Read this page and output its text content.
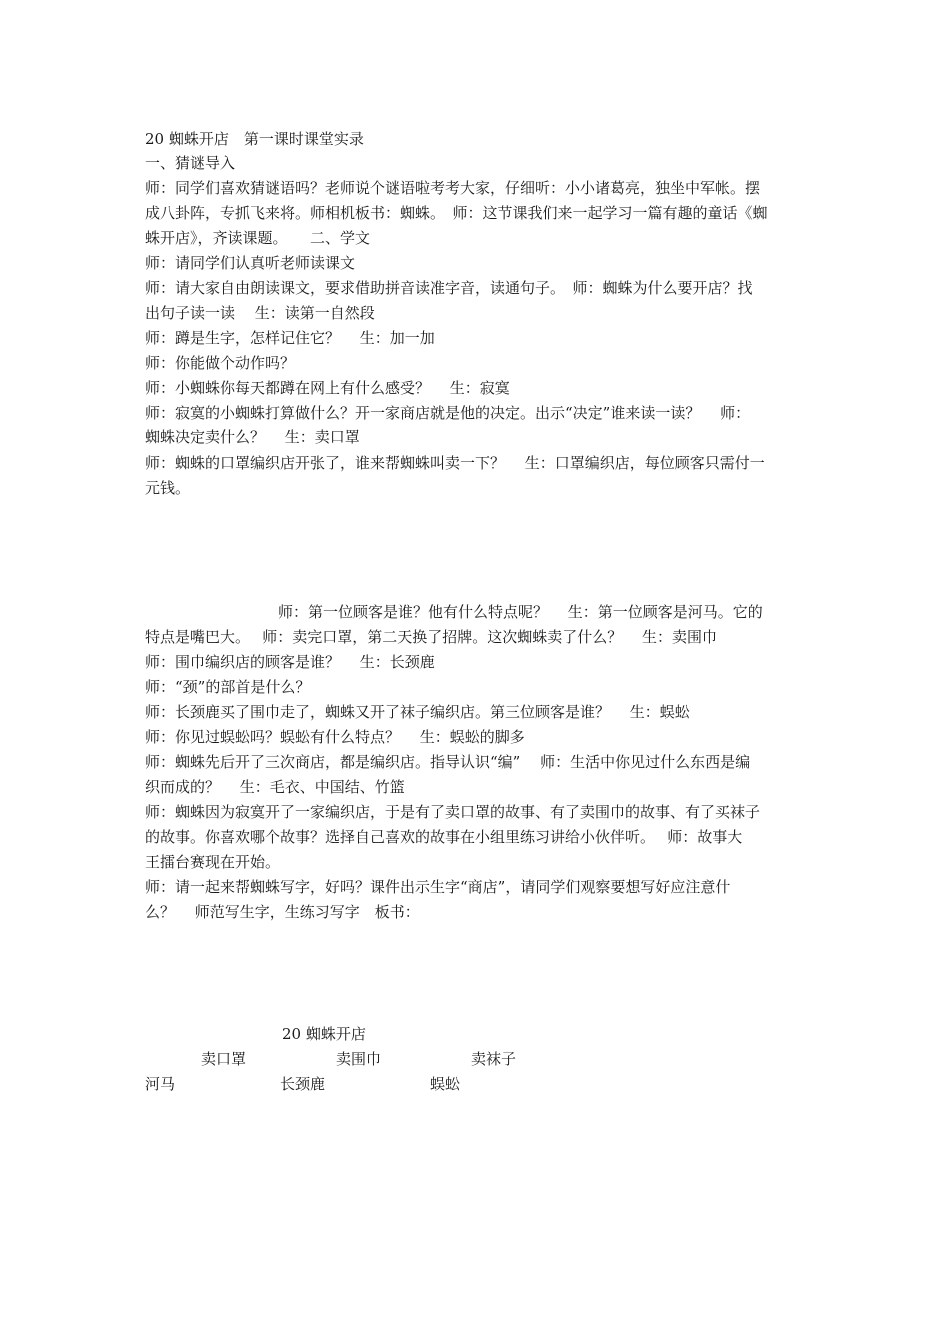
20 蜘蛛开店　第一课时课堂实录
一、猜谜导入
师：同学们喜欢猜谜语吗？老师说个谜语啦考考大家，仔细听：小小诸葛亮，独坐中军帐。摆
成八卦阵，专抓飞来将。师相机板书：蜘蛛。　师：这节课我们来一起学习一篇有趣的童话《蜘
蛛开店》，齐读课题。　　二、学文
师：请同学们认真听老师读课文
师：请大家自由朗读课文，要求借助拼音读准字音，读通句子。　师：蜘蛛为什么要开店？找
出句子读一读　 生：读第一自然段
师：蹲是生字，怎样记住它？　 生：加一加
师：你能做个动作吗？
师：小蜘蛛你每天都蹲在网上有什么感受？　 生：寂寞
师：寂寞的小蜘蛛打算做什么？开一家商店就是他的决定。出示“决定”谁来读一读？　 师：
蜘蛛决定卖什么？　 生：卖口罩
师：蜘蛛的口罩编织店开张了，谁来帮蜘蛛叫卖一下？　 生：口罩编织店，每位顾客只需付一
元钱。
师：第一位顾客是谁？他有什么特点呢？　 生：第一位顾客是河马。它的
特点是嘴巴大。　 师：卖完口罩，第二天换了招牌。这次蜘蛛卖了什么？　 生：卖围巾
师：围巾编织店的顾客是谁？　 生：长颈鹿
师：“颈”的部首是什么？
师：长颈鹿买了围巾走了，蜘蛛又开了袜子编织店。第三位顾客是谁？　 生：蜈蚣
师：你见过蜈蚣吗？蜈蚣有什么特点？　 生：蜈蚣的脚多
师：蜘蛛先后开了三次商店，都是编织店。指导认识“编”　 师：生活中你见过什么东西是编
织而成的？　 生：毛衣、中国结、竹篮
师：蜘蛛因为寂寞开了一家编织店，于是有了卖口罩的故事、有了卖围巾的故事、有了买袜子
的故事。你喜欢哪个故事？选择自己喜欢的故事在小组里练习讲给小伙伴听。　 师：故事大
王擂台赛现在开始。
师：请一起来帮蜘蛛写字，好吗？课件出示生字“商店”，请同学们观察要想写好应注意什
么？　 师范写生字，生练习写字　板书：
20 蜘蛛开店
卖口罩	卖围巾	卖袜子
河马	长颈鹿	蜈蚣
